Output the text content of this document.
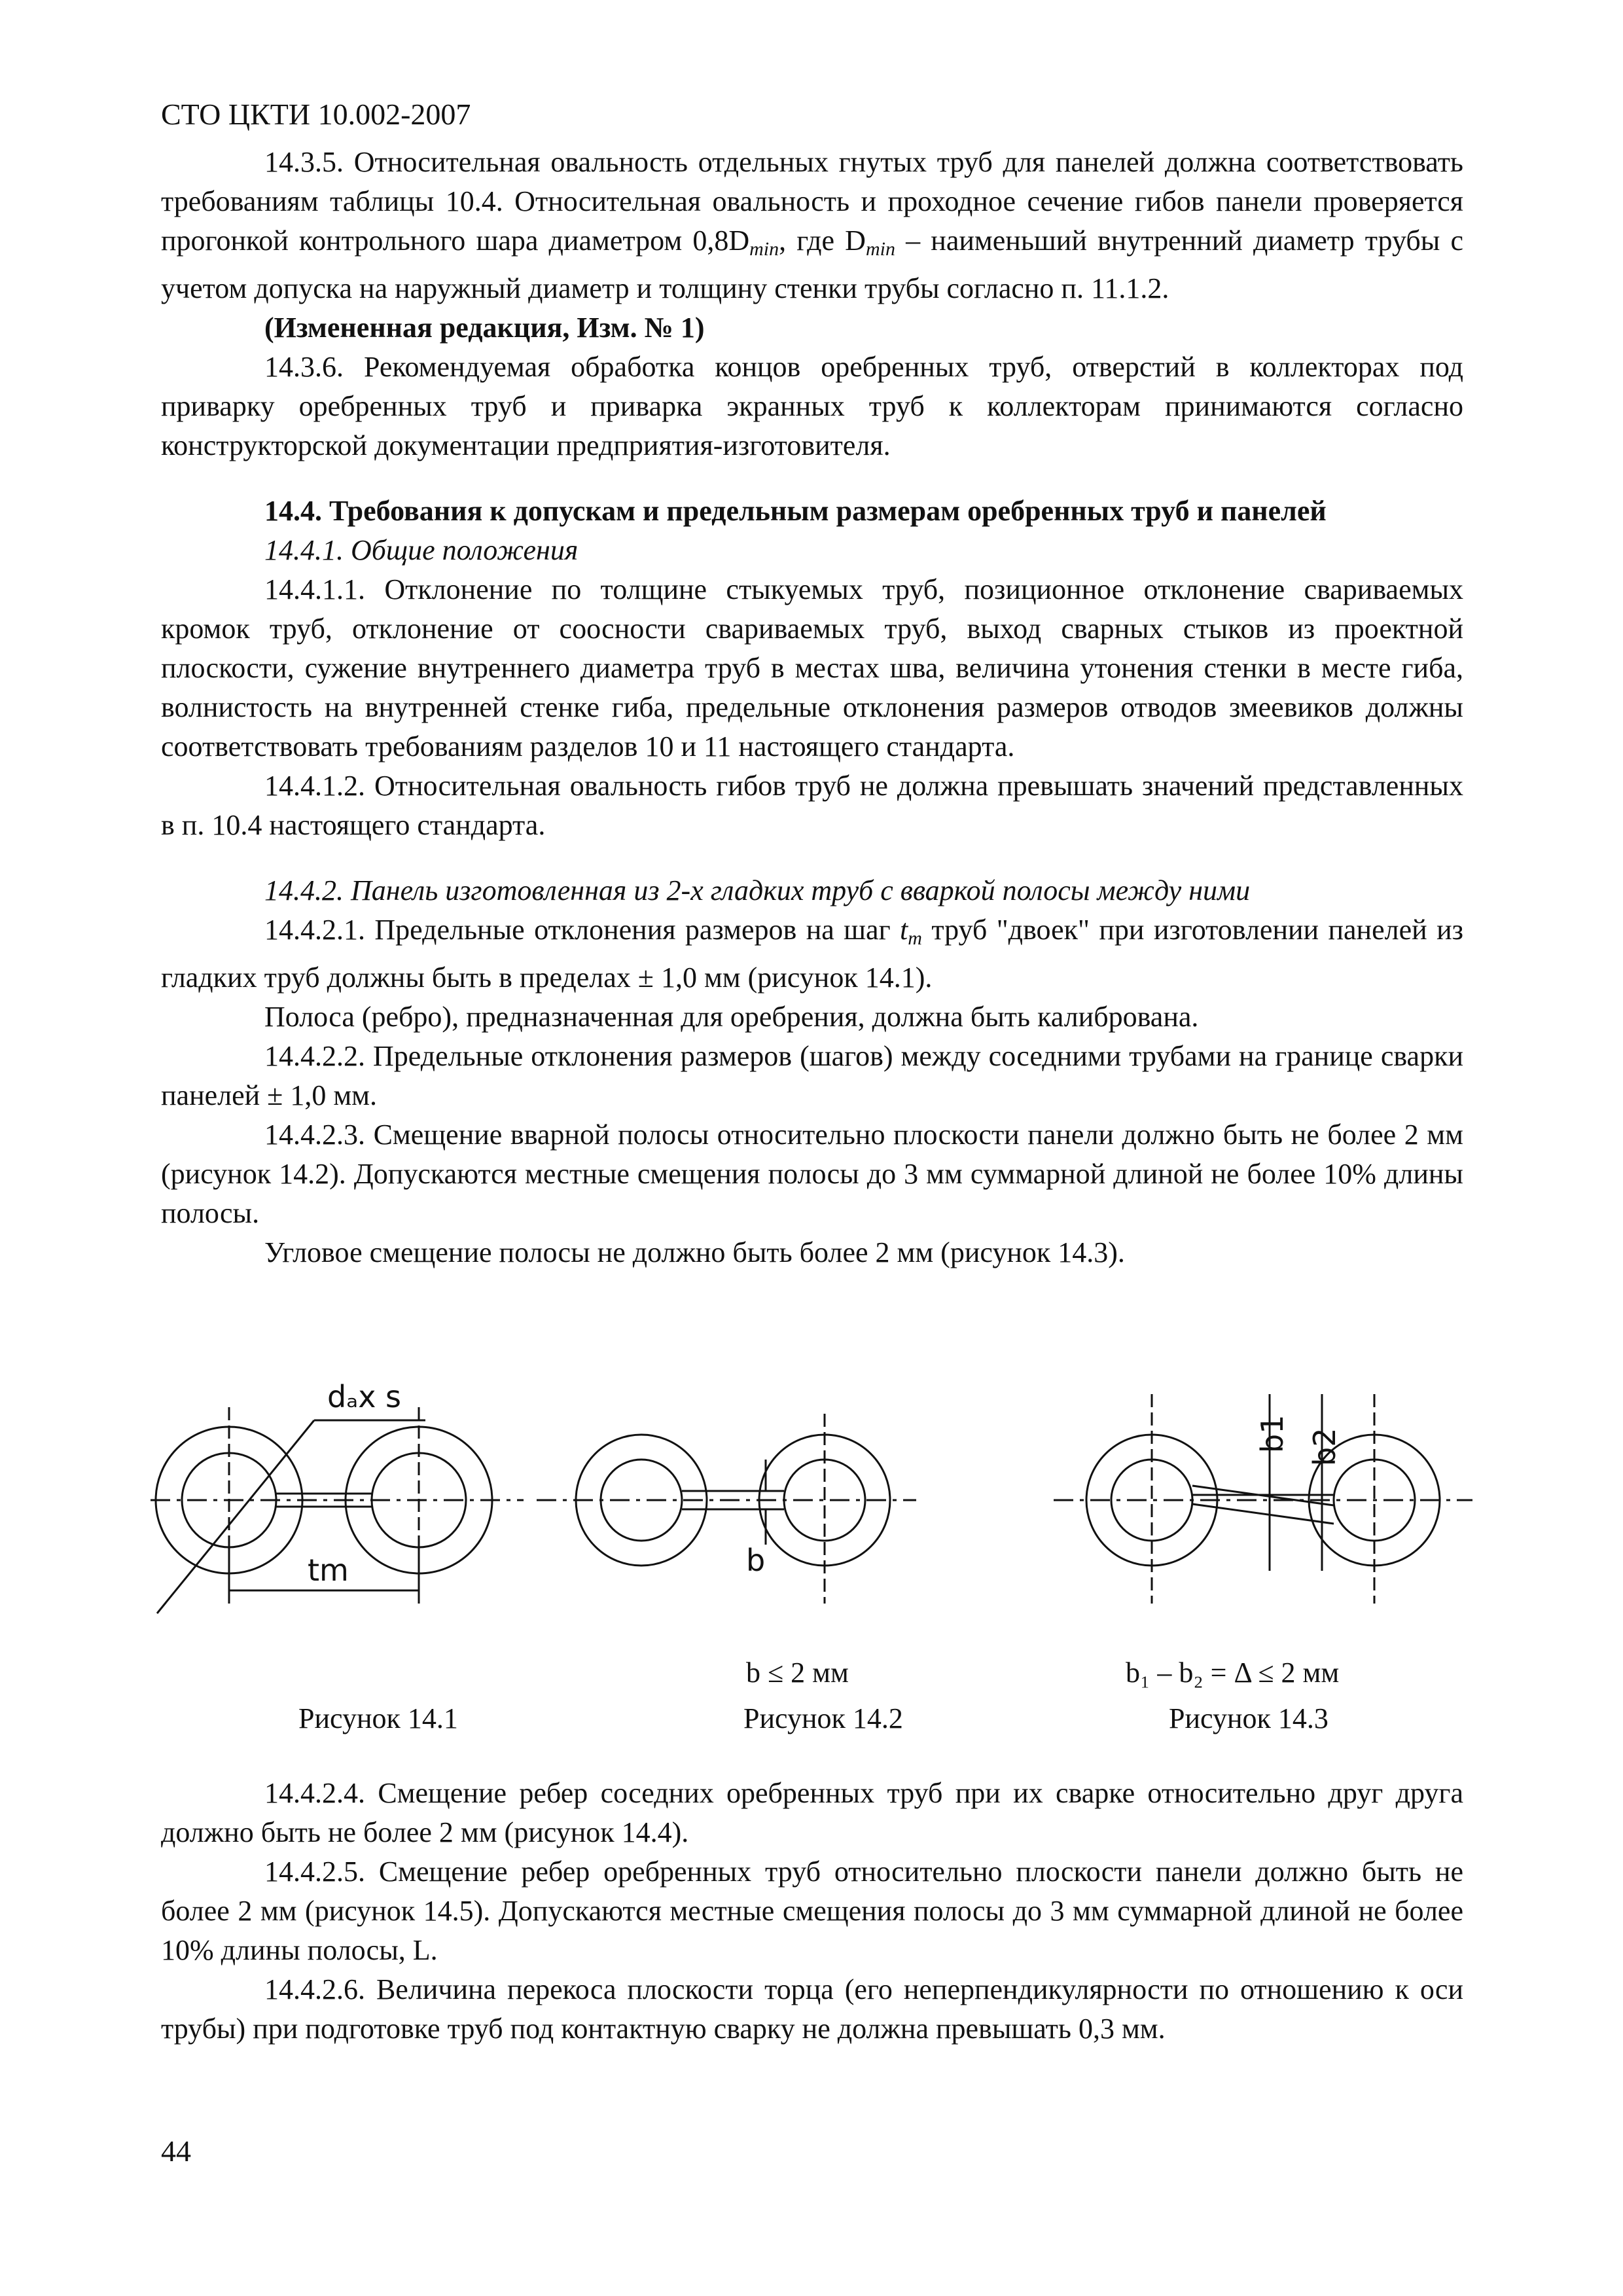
СТО ЦКТИ 10.002-2007

14.3.5. Относительная овальность отдельных гнутых труб для панелей должна соответствовать требованиям таблицы 10.4. Относительная овальность и проходное сечение гибов панели проверяется прогонкой контрольного шара диаметром $0,8D_{min}$, где $D_{min}$ – наименьший внутренний диаметр трубы с учетом допуска на наружный диаметр и толщину стенки трубы согласно п. 11.1.2.

(Измененная редакция, Изм. № 1)

14.3.6. Рекомендуемая обработка концов оребренных труб, отверстий в коллекторах под приварку оребренных труб и приварка экранных труб к коллекторам принимаются согласно конструкторской документации предприятия-изготовителя.

14.4. Требования к допускам и предельным размерам оребренных труб и панелей

14.4.1. Общие положения

14.4.1.1. Отклонение по толщине стыкуемых труб, позиционное отклонение свариваемых кромок труб, отклонение от соосности свариваемых труб, выход сварных стыков из проектной плоскости, сужение внутреннего диаметра труб в местах шва, величина утонения стенки в месте гиба, волнистость на внутренней стенке гиба, предельные отклонения размеров отводов змеевиков должны соответствовать требованиям разделов 10 и 11 настоящего стандарта.

14.4.1.2. Относительная овальность гибов труб не должна превышать значений представленных в п. 10.4 настоящего стандарта.

14.4.2. Панель изготовленная из 2-х гладких труб с вваркой полосы между ними

14.4.2.1. Предельные отклонения размеров на шаг $t_m$ труб "двоек" при изготовлении панелей из гладких труб должны быть в пределах ± 1,0 мм (рисунок 14.1).

Полоса (ребро), предназначенная для оребрения, должна быть калибрована.

14.4.2.2. Предельные отклонения размеров (шагов) между соседними трубами на границе сварки панелей ± 1,0 мм.

14.4.2.3. Смещение вварной полосы относительно плоскости панели должно быть не более 2 мм (рисунок 14.2). Допускаются местные смещения полосы до 3 мм суммарной длиной не более 10% длины полосы.

Угловое смещение полосы не должно быть более 2 мм (рисунок 14.3).

dₐx s
tm	b
b1 b2
b ≤ 2 мм	b₁ – b₂ = Δ ≤ 2 мм
Рисунок 14.1	Рисунок 14.2	Рисунок 14.3

14.4.2.4. Смещение ребер соседних оребренных труб при их сварке относительно друг друга должно быть не более 2 мм (рисунок 14.4).

14.4.2.5. Смещение ребер оребренных труб относительно плоскости панели должно быть не более 2 мм (рисунок 14.5). Допускаются местные смещения полосы до 3 мм суммарной длиной не более 10% длины полосы, L.

14.4.2.6. Величина перекоса плоскости торца (его неперпендикулярности по отношению к оси трубы) при подготовке труб под контактную сварку не должна превышать 0,3 мм.

44
